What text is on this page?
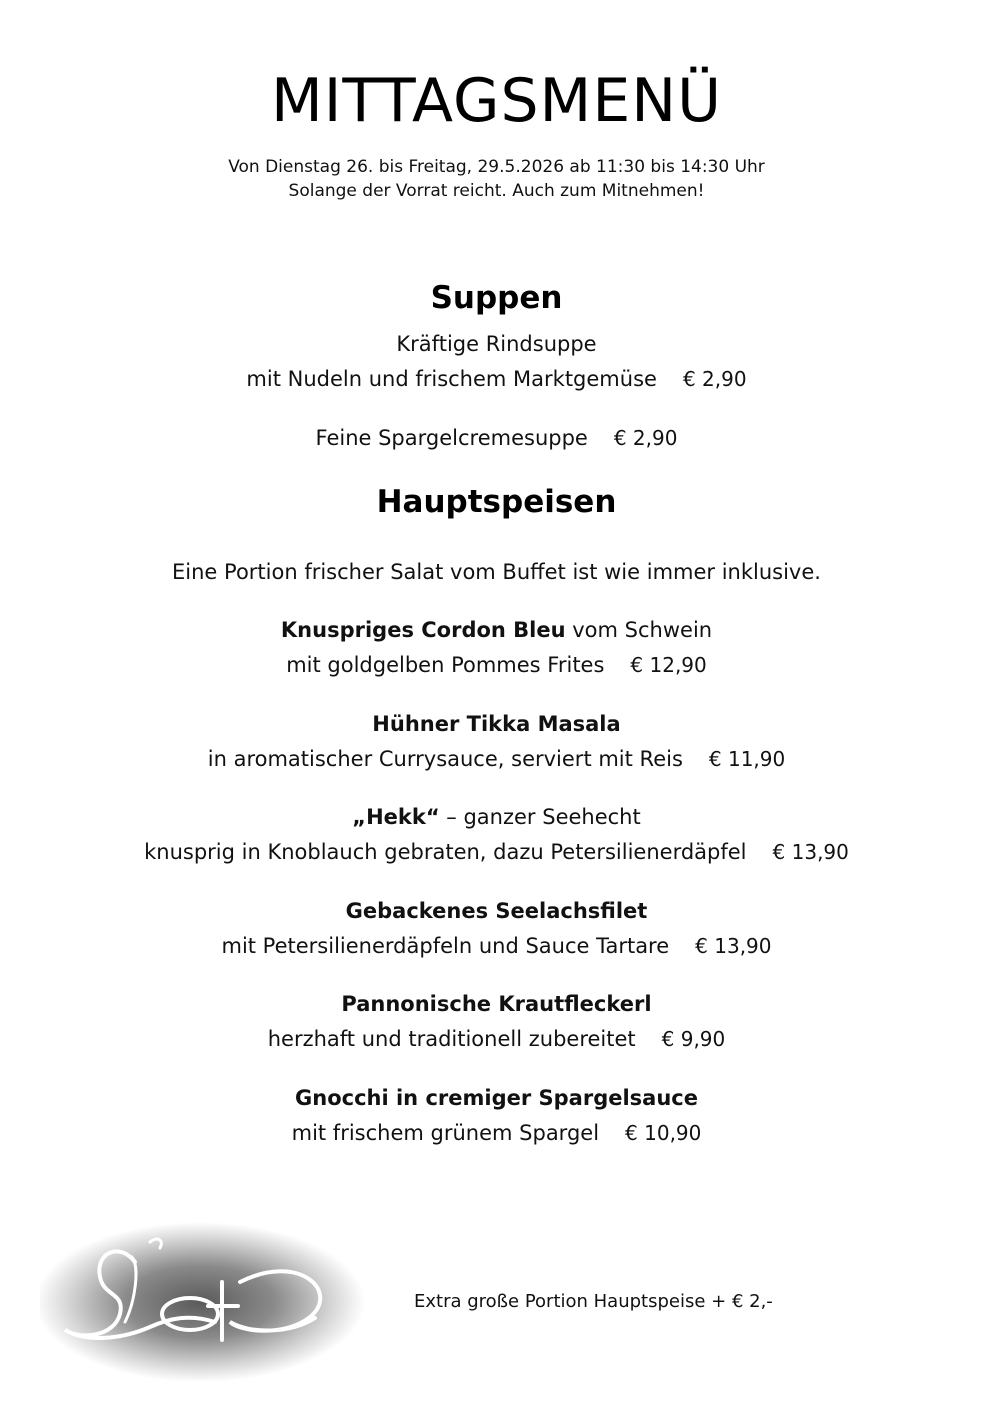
MITTAGSMENÜ
Von Dienstag 26. bis Freitag, 29.5.2026 ab 11:30 bis 14:30 Uhr
Solange der Vorrat reicht. Auch zum Mitnehmen!
Suppen
Kräftige Rindsuppe
mit Nudeln und frischem Marktgemüse € 2,90
Feine Spargelcremesuppe € 2,90
Hauptspeisen
Eine Portion frischer Salat vom Buffet ist wie immer inklusive.
Knuspriges Cordon Bleu vom Schwein
mit goldgelben Pommes Frites € 12,90
Hühner Tikka Masala
in aromatischer Currysauce, serviert mit Reis € 11,90
„Hekk“ – ganzer Seehecht
knusprig in Knoblauch gebraten, dazu Petersilienerdäpfel € 13,90
Gebackenes Seelachsfilet
mit Petersilienerdäpfeln und Sauce Tartare € 13,90
Pannonische Krautfleckerl
herzhaft und traditionell zubereitet € 9,90
Gnocchi in cremiger Spargelsauce
mit frischem grünem Spargel € 10,90
Extra große Portion Hauptspeise + € 2,-
